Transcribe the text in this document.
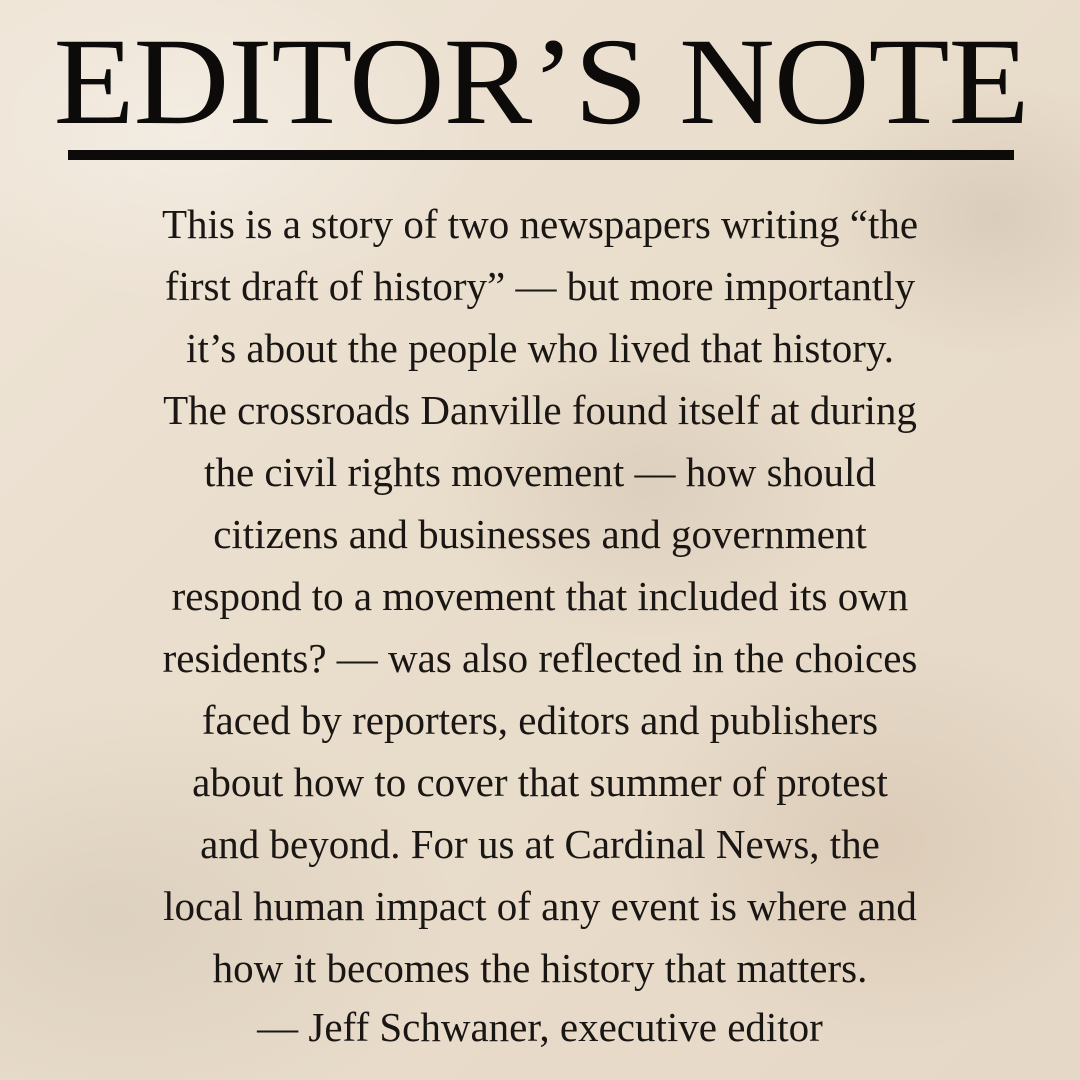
EDITOR’S NOTE

This is a story of two newspapers writing “the
first draft of history” — but more importantly
it’s about the people who lived that history.
The crossroads Danville found itself at during
the civil rights movement — how should
citizens and businesses and government
respond to a movement that included its own
residents? — was also reflected in the choices
faced by reporters, editors and publishers
about how to cover that summer of protest
and beyond. For us at Cardinal News, the
local human impact of any event is where and
how it becomes the history that matters.

— Jeff Schwaner, executive editor
